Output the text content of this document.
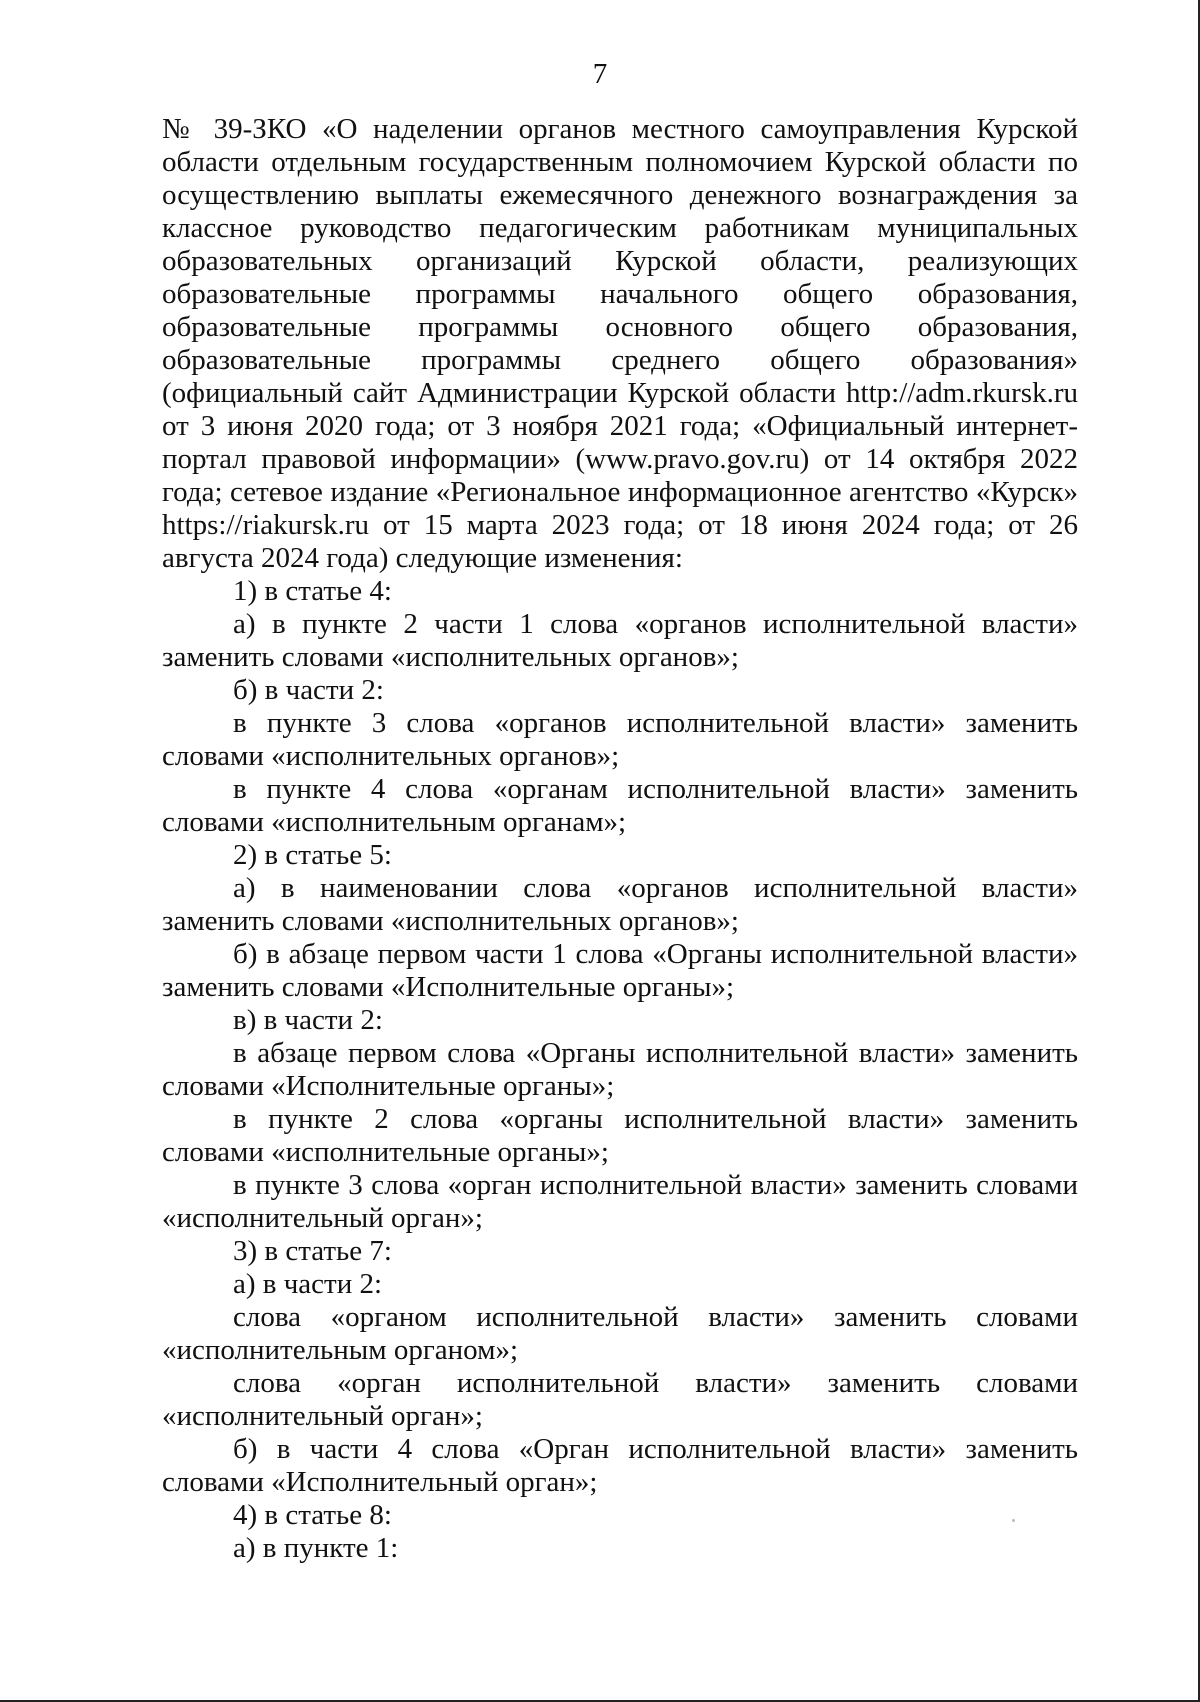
7

№ 39-ЗКО «О наделении органов местного самоуправления Курской области отдельным государственным полномочием Курской области по осуществлению выплаты ежемесячного денежного вознаграждения за классное руководство педагогическим работникам муниципальных образовательных организаций Курской области, реализующих образовательные программы начального общего образования, образовательные программы основного общего образования, образовательные программы среднего общего образования» (официальный сайт Администрации Курской области http://adm.rkursk.ru от 3 июня 2020 года; от 3 ноября 2021 года; «Официальный интернет-портал правовой информации» (www.pravo.gov.ru) от 14 октября 2022 года; сетевое издание «Региональное информационное агентство «Курск» https://riakursk.ru от 15 марта 2023 года; от 18 июня 2024 года; от 26 августа 2024 года) следующие изменения:

1) в статье 4:

а) в пункте 2 части 1 слова «органов исполнительной власти» заменить словами «исполнительных органов»;

б) в части 2:

в пункте 3 слова «органов исполнительной власти» заменить словами «исполнительных органов»;

в пункте 4 слова «органам исполнительной власти» заменить словами «исполнительным органам»;

2) в статье 5:

а) в наименовании слова «органов исполнительной власти» заменить словами «исполнительных органов»;

б) в абзаце первом части 1 слова «Органы исполнительной власти» заменить словами «Исполнительные органы»;

в) в части 2:

в абзаце первом слова «Органы исполнительной власти» заменить словами «Исполнительные органы»;

в пункте 2 слова «органы исполнительной власти» заменить словами «исполнительные органы»;

в пункте 3 слова «орган исполнительной власти» заменить словами «исполнительный орган»;

3) в статье 7:

а) в части 2:

слова «органом исполнительной власти» заменить словами «исполнительным органом»;

слова «орган исполнительной власти» заменить словами «исполнительный орган»;

б) в части 4 слова «Орган исполнительной власти» заменить словами «Исполнительный орган»;

4) в статье 8:

а) в пункте 1:
